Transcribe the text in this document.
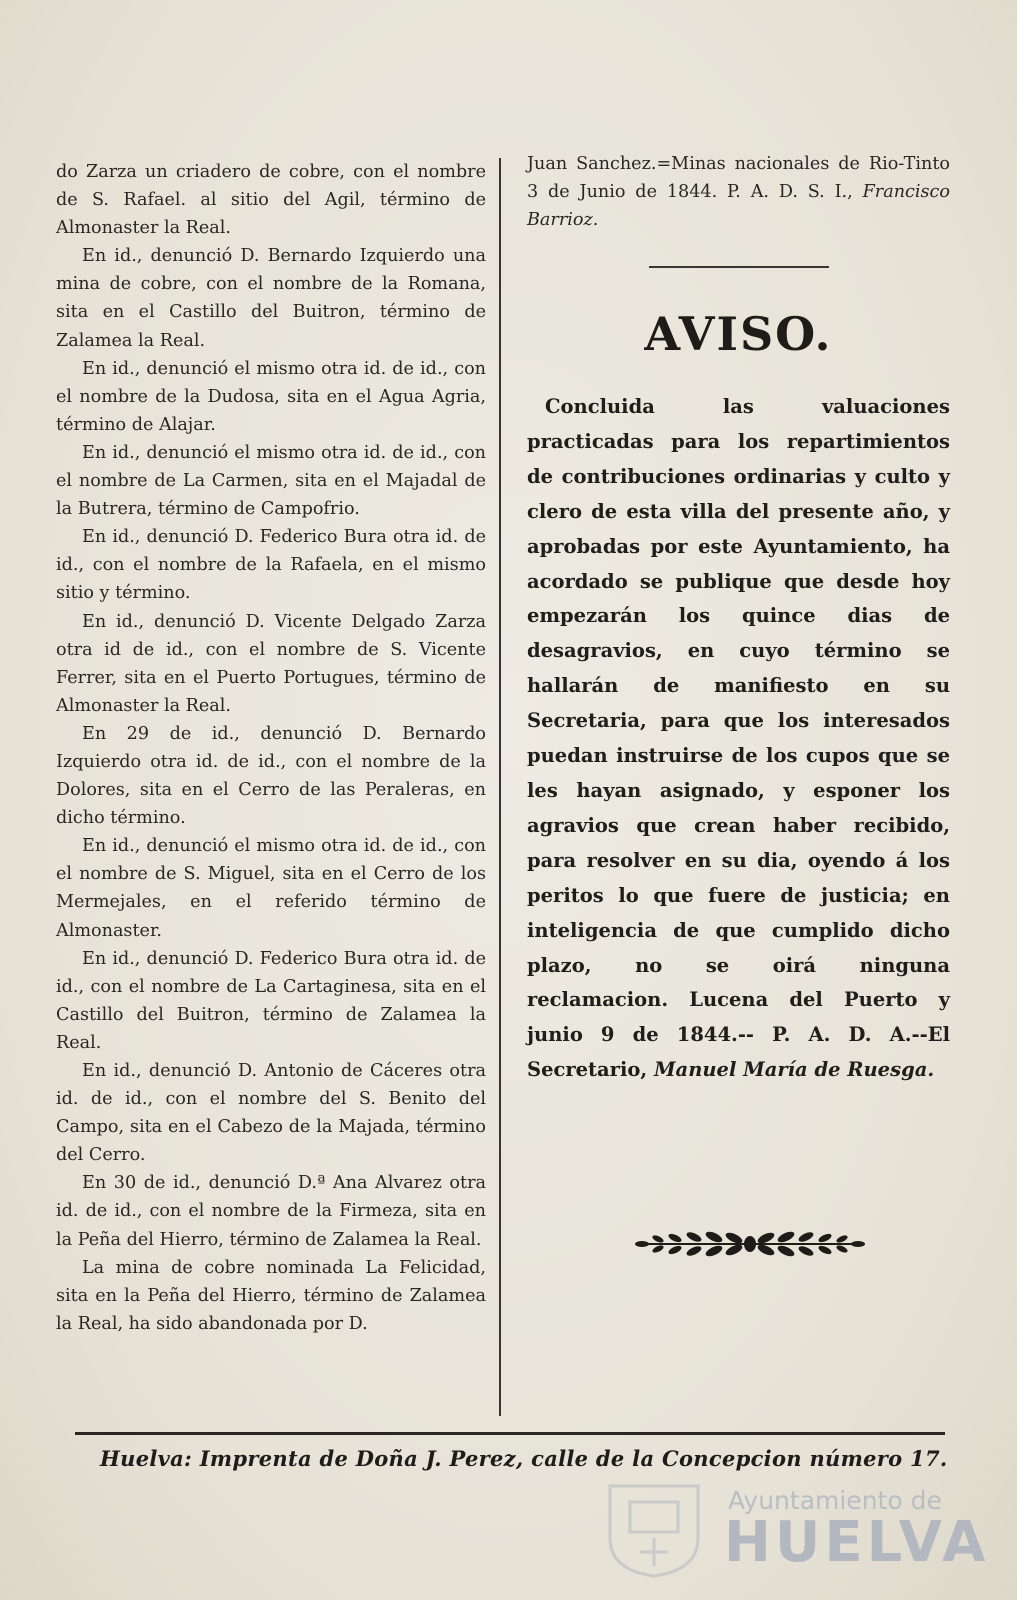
do Zarza un criadero de cobre, con el nombre de S. Rafael. al sitio del Agil, término de Almonaster la Real.

En id., denunció D. Bernardo Izquierdo una mina de cobre, con el nombre de la Romana, sita en el Castillo del Buitron, término de Zalamea la Real.

En id., denunció el mismo otra id. de id., con el nombre de la Dudosa, sita en el Agua Agria, término de Alajar.

En id., denunció el mismo otra id. de id., con el nombre de La Carmen, sita en el Majadal de la Butrera, término de Campofrio.

En id., denunció D. Federico Bura otra id. de id., con el nombre de la Rafaela, en el mismo sitio y término.

En id., denunció D. Vicente Delgado Zarza otra id de id., con el nombre de S. Vicente Ferrer, sita en el Puerto Portugues, término de Almonaster la Real.

En 29 de id., denunció D. Bernardo Izquierdo otra id. de id., con el nombre de la Dolores, sita en el Cerro de las Peraleras, en dicho término.

En id., denunció el mismo otra id. de id., con el nombre de S. Miguel, sita en el Cerro de los Mermejales, en el referido término de Almonaster.

En id., denunció D. Federico Bura otra id. de id., con el nombre de La Cartaginesa, sita en el Castillo del Buitron, término de Zalamea la Real.

En id., denunció D. Antonio de Cáceres otra id. de id., con el nombre del S. Benito del Campo, sita en el Cabezo de la Majada, término del Cerro.

En 30 de id., denunció D.ª Ana Alvarez otra id. de id., con el nombre de la Firmeza, sita en la Peña del Hierro, término de Zalamea la Real.

La mina de cobre nominada La Felicidad, sita en la Peña del Hierro, término de Zalamea la Real, ha sido abandonada por D.

Juan Sanchez.=Minas nacionales de Rio-Tinto 3 de Junio de 1844. P. A. D. S. I., Francisco Barrioz.

AVISO.

Concluida las valuaciones practicadas para los repartimientos de contribuciones ordinarias y culto y clero de esta villa del presente año, y aprobadas por este Ayuntamiento, ha acordado se publique que desde hoy empezarán los quince dias de desagravios, en cuyo término se hallarán de manifiesto en su Secretaria, para que los interesados puedan instruirse de los cupos que se les hayan asignado, y esponer los agravios que crean haber recibido, para resolver en su dia, oyendo á los peritos lo que fuere de justicia; en inteligencia de que cumplido dicho plazo, no se oirá ninguna reclamacion. Lucena del Puerto y junio 9 de 1844.-- P. A. D. A.--El Secretario, Manuel María de Ruesga.

Huelva: Imprenta de Doña J. Perez, calle de la Concepcion número 17.
Ayuntamiento de
HUELVA
